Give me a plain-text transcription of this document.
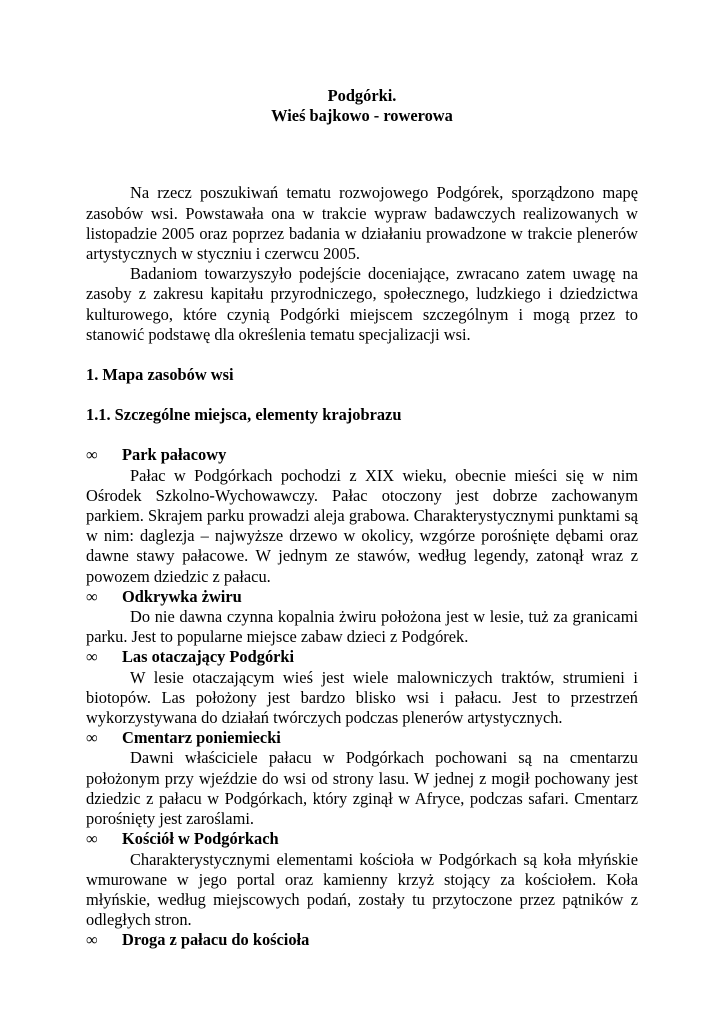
Podgórki.

Wieś bajkowo - rowerowa

Na rzecz poszukiwań tematu rozwojowego Podgórek, sporządzono mapę zasobów wsi. Powstawała ona w trakcie wypraw badawczych realizowanych w listopadzie 2005 oraz poprzez badania w działaniu prowadzone w trakcie plenerów artystycznych w styczniu i czerwcu 2005.

Badaniom towarzyszyło podejście doceniające, zwracano zatem uwagę na zasoby z zakresu kapitału przyrodniczego, społecznego, ludzkiego i dziedzictwa kulturowego, które czynią Podgórki miejscem szczególnym i mogą przez to stanowić podstawę dla określenia tematu specjalizacji wsi.

1. Mapa zasobów wsi

1.1. Szczególne miejsca, elementy krajobrazu

∞	Park pałacowy

Pałac w Podgórkach pochodzi z XIX wieku, obecnie mieści się w nim Ośrodek Szkolno-Wychowawczy. Pałac otoczony jest dobrze zachowanym parkiem. Skrajem parku prowadzi aleja grabowa. Charakterystycznymi punktami są w nim: daglezja – najwyższe drzewo w okolicy, wzgórze porośnięte dębami oraz dawne stawy pałacowe. W jednym ze stawów, według legendy, zatonął wraz z powozem dziedzic z pałacu.

∞	Odkrywka żwiru

Do nie dawna czynna kopalnia żwiru położona jest w lesie, tuż za granicami parku. Jest to popularne miejsce zabaw dzieci z Podgórek.

∞	Las otaczający Podgórki

W lesie otaczającym wieś jest wiele malowniczych traktów, strumieni i biotopów. Las położony jest bardzo blisko wsi i pałacu. Jest to przestrzeń wykorzystywana do działań twórczych podczas plenerów artystycznych.

∞	Cmentarz poniemiecki

Dawni właściciele pałacu w Podgórkach pochowani są na cmentarzu położonym przy wjeździe do wsi od strony lasu. W jednej z mogił pochowany jest dziedzic z pałacu w Podgórkach, który zginął w Afryce, podczas safari. Cmentarz porośnięty jest zaroślami.

∞	Kościół w Podgórkach

Charakterystycznymi elementami kościoła w Podgórkach są koła młyńskie wmurowane w jego portal oraz kamienny krzyż stojący za kościołem. Koła młyńskie, według miejscowych podań, zostały tu przytoczone przez pątników z odległych stron.

∞	Droga z pałacu do kościoła
